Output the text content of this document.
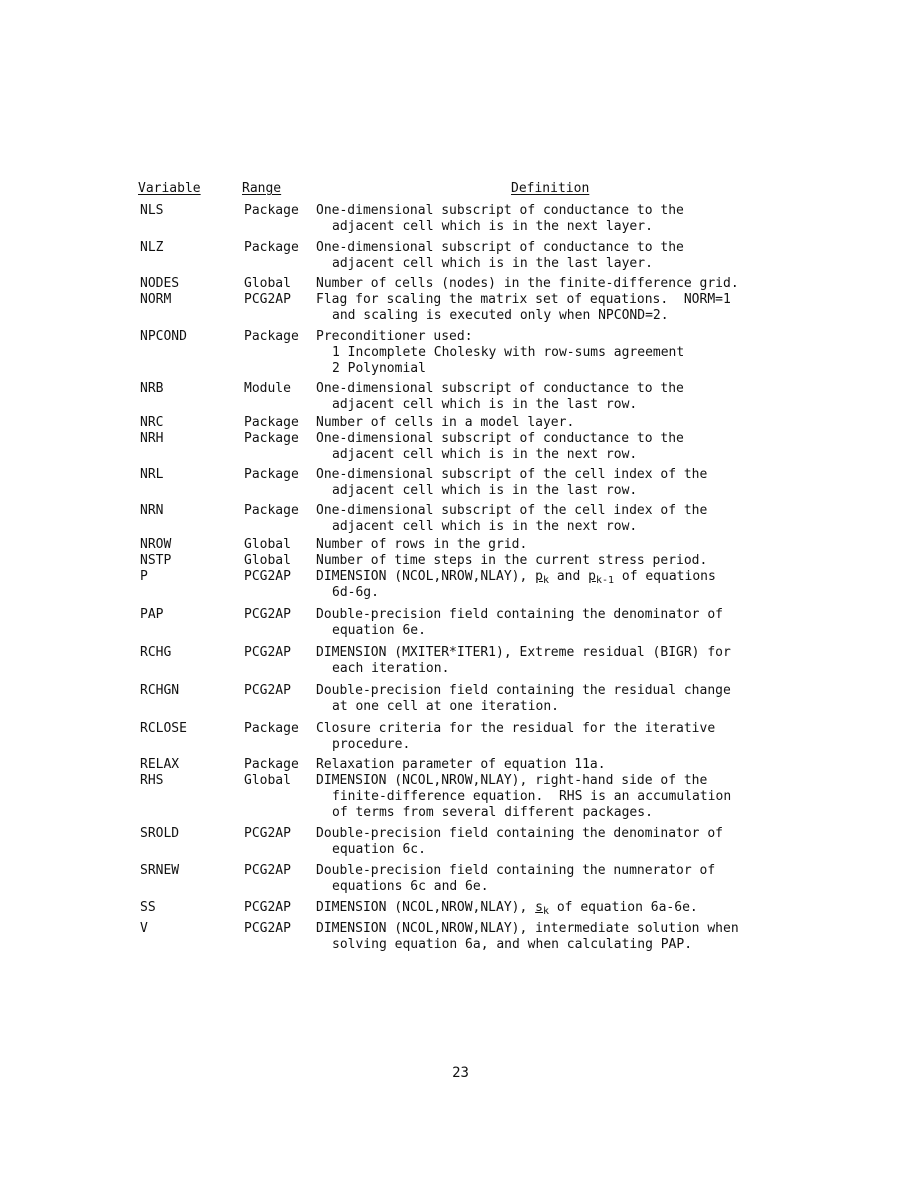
Variable	Range	Definition
NLS	Package One-dimensional subscript of conductance to the
adjacent cell which is in the next layer.
NLZ	Package One-dimensional subscript of conductance to the
adjacent cell which is in the last layer.
NODES	Global Number of cells (nodes) in the finite-difference grid.
NORM	PCG2AP Flag for scaling the matrix set of equations.  NORM=1
and scaling is executed only when NPCOND=2.
NPCOND	Package Preconditioner used:
1 Incomplete Cholesky with row-sums agreement
2 Polynomial
NRB	Module One-dimensional subscript of conductance to the
adjacent cell which is in the last row.
NRC	Package Number of cells in a model layer.
NRH	Package One-dimensional subscript of conductance to the
adjacent cell which is in the next row.
NRL	Package One-dimensional subscript of the cell index of the
adjacent cell which is in the last row.
NRN	Package One-dimensional subscript of the cell index of the
adjacent cell which is in the next row.
NROW	Global Number of rows in the grid.
NSTP	Global Number of time steps in the current stress period.
P	PCG2AP DIMENSION (NCOL,NROW,NLAY), $p_k$ and $p_{k-1}$ of equations
6d-6g.
PAP	PCG2AP Double-precision field containing the denominator of
equation 6e.
RCHG	PCG2AP DIMENSION (MXITER*ITER1), Extreme residual (BIGR) for
each iteration.
RCHGN	PCG2AP Double-precision field containing the residual change
at one cell at one iteration.
RCLOSE	Package Closure criteria for the residual for the iterative
procedure.
RELAX	Package Relaxation parameter of equation 11a.
RHS	Global DIMENSION (NCOL,NROW,NLAY), right-hand side of the
finite-difference equation.  RHS is an accumulation
of terms from several different packages.
SROLD	PCG2AP Double-precision field containing the denominator of
equation 6c.
SRNEW	PCG2AP Double-precision field containing the numnerator of
equations 6c and 6e.
SS	PCG2AP DIMENSION (NCOL,NROW,NLAY), $s_k$ of equation 6a-6e.
V	PCG2AP DIMENSION (NCOL,NROW,NLAY), intermediate solution when
solving equation 6a, and when calculating PAP.
23
